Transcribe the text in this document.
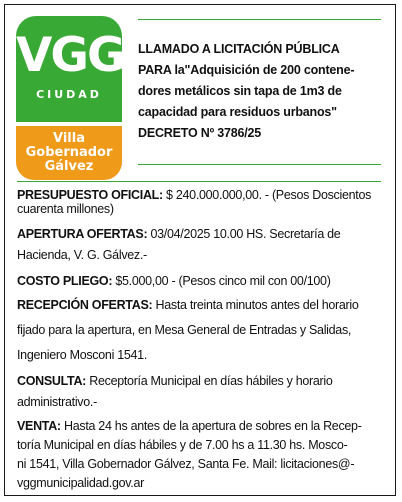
VGG
CIUDAD
Villa
Gobernador
Gálvez
LLAMADO A LICITACIÓN PÚBLICA
PARA la"Adquisición de 200 contene-
dores metálicos sin tapa de 1m3 de
capacidad para residuos urbanos"
DECRETO Nº 3786/25
PRESUPUESTO OFICIAL: $ 240.000.000,00. - (Pesos Doscientos
cuarenta millones)
APERTURA OFERTAS: 03/04/2025 10.00 HS. Secretaría de
Hacienda, V. G. Gálvez.-
COSTO PLIEGO: $5.000,00 - (Pesos cinco mil con 00/100)
RECEPCIÓN OFERTAS: Hasta treinta minutos antes del horario
fijado para la apertura, en Mesa General de Entradas y Salidas,
Ingeniero Mosconi 1541.
CONSULTA: Receptoría Municipal en días hábiles y horario
administrativo.-
VENTA: Hasta 24 hs antes de la apertura de sobres en la Recep-
toría Municipal en días hábiles y de 7.00 hs a 11.30 hs. Mosco-
ni 1541, Villa Gobernador Gálvez, Santa Fe. Mail: licitaciones@-
vggmunicipalidad.gov.ar
